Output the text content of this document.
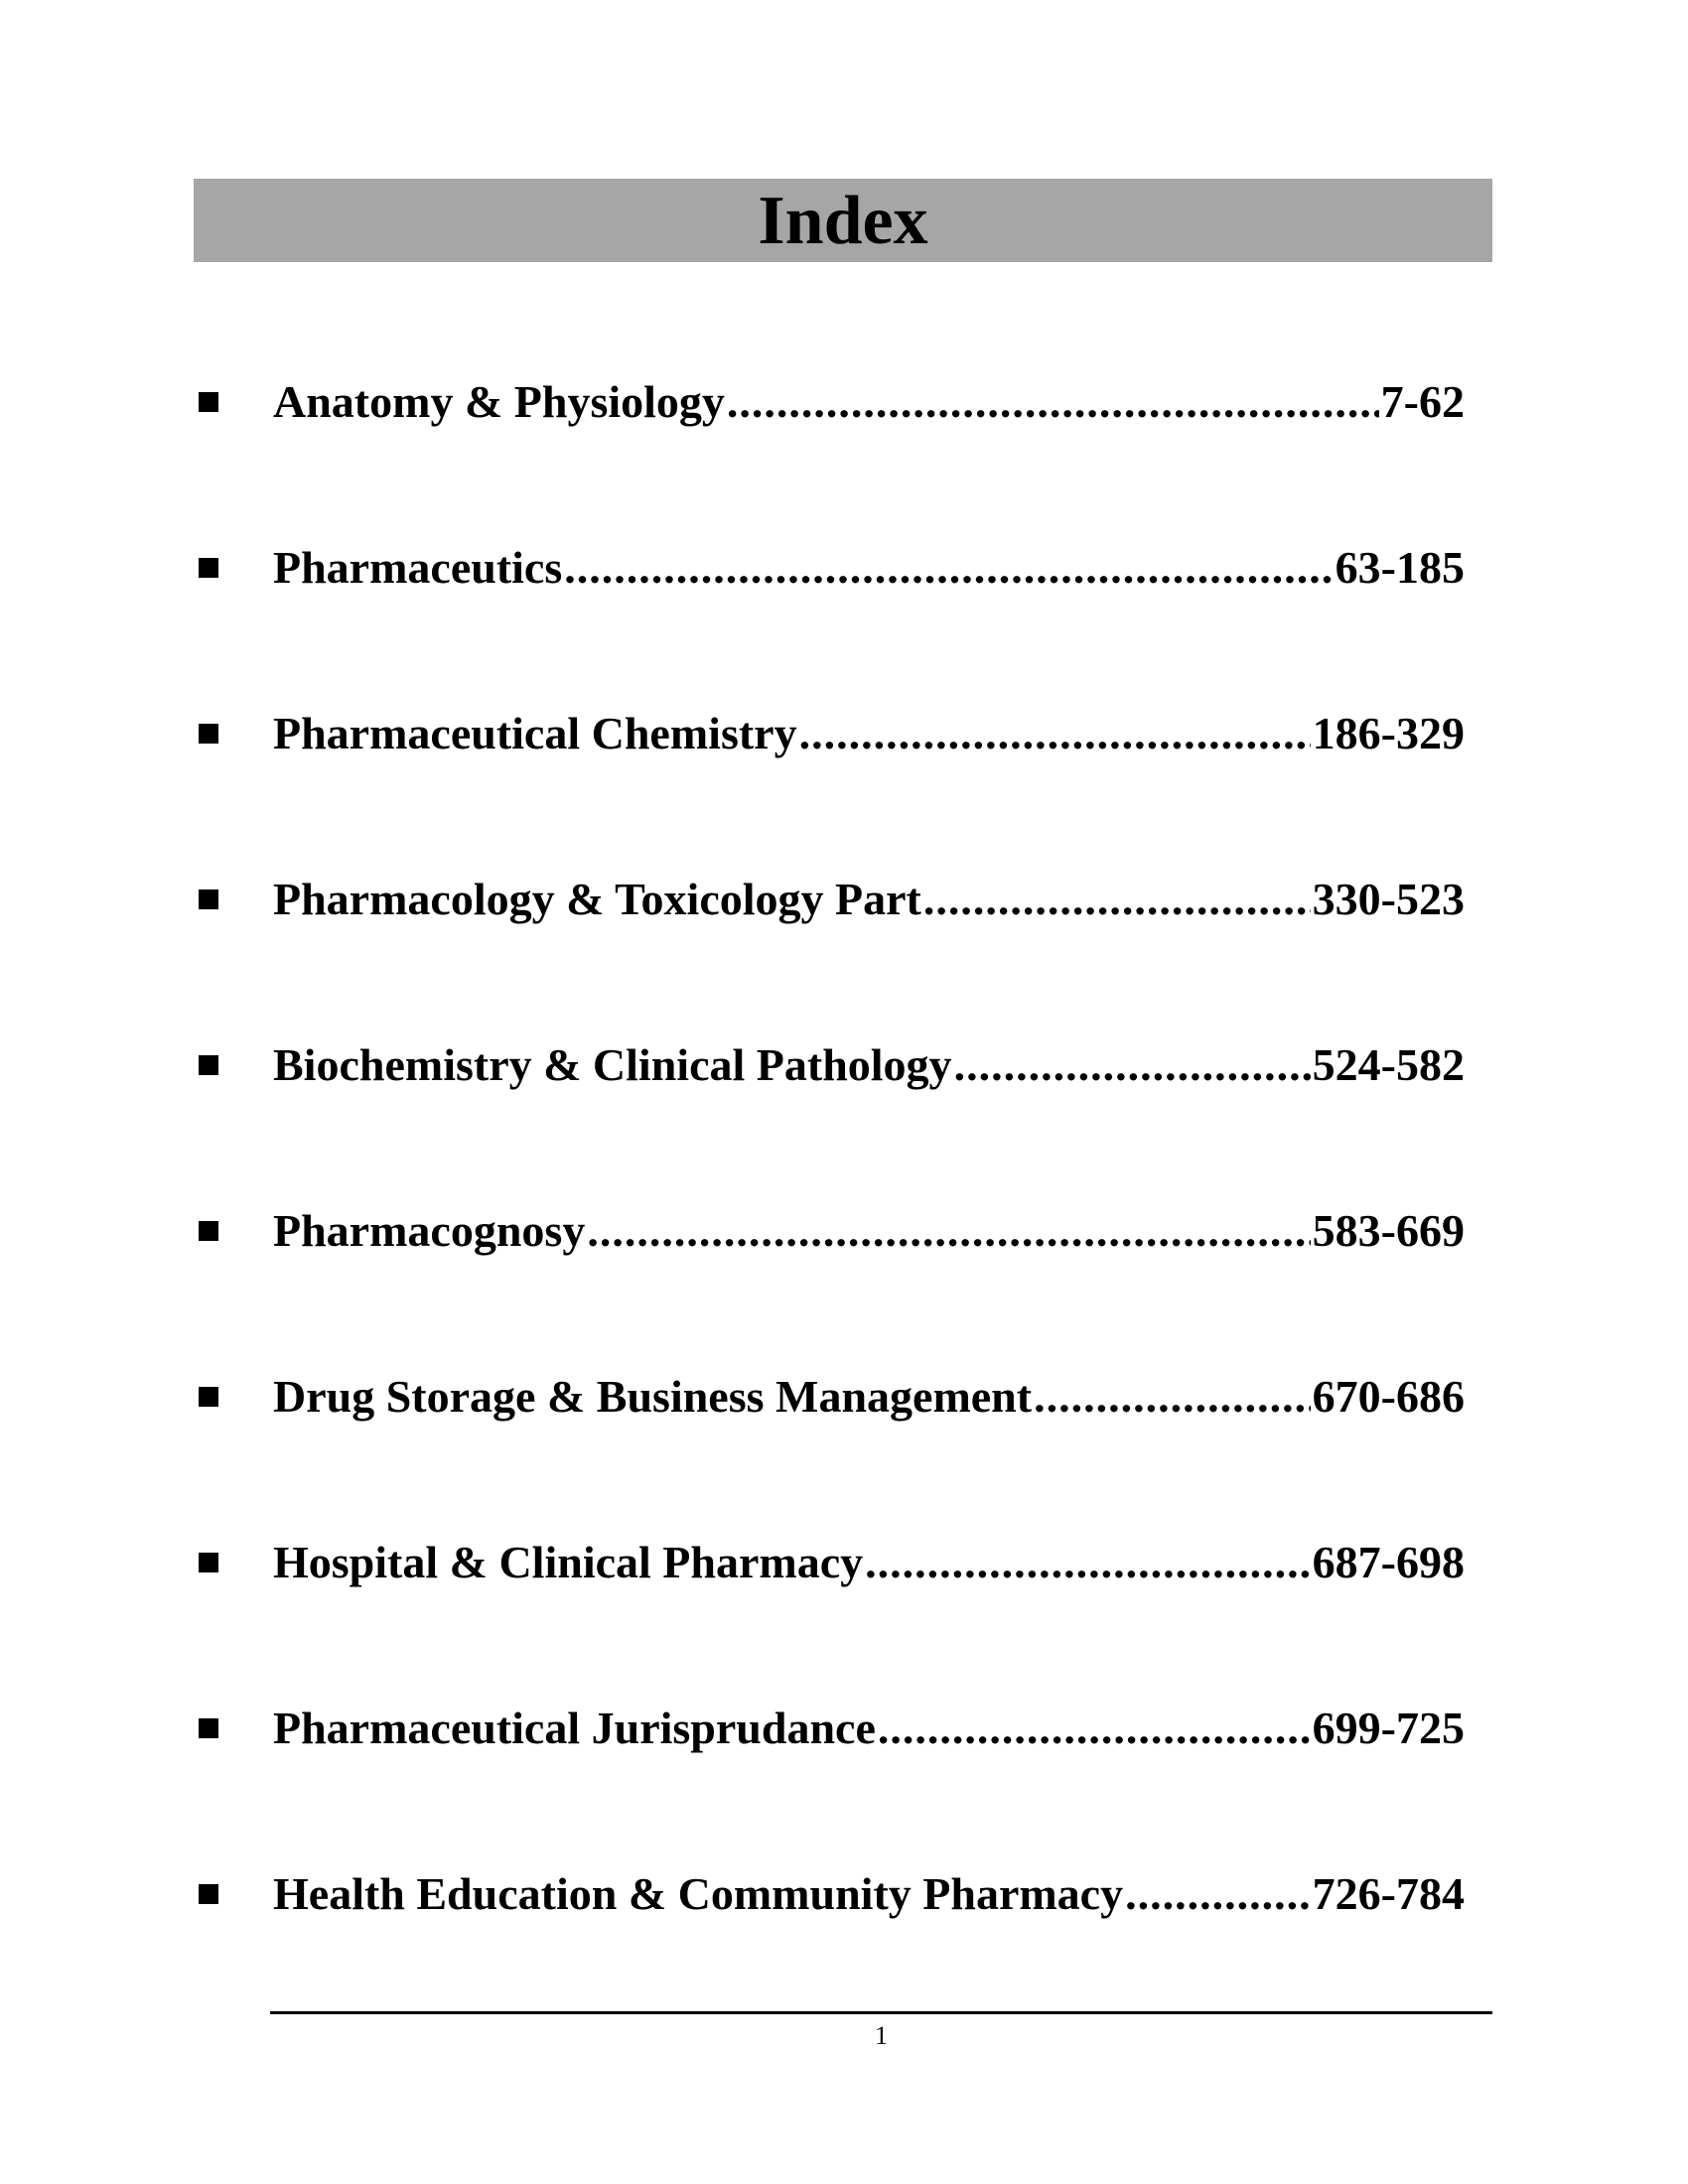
Index
Anatomy & Physiology .....	7-62
Pharmaceutics .....	63-185
Pharmaceutical Chemistry .....	186-329
Pharmacology & Toxicology Part .....	330-523
Biochemistry & Clinical Pathology .....	524-582
Pharmacognosy .....	583-669
Drug Storage & Business Management .....	670-686
Hospital & Clinical Pharmacy .....	687-698
Pharmaceutical Jurisprudance .....	699-725
Health Education & Community Pharmacy .....	726-784
1
